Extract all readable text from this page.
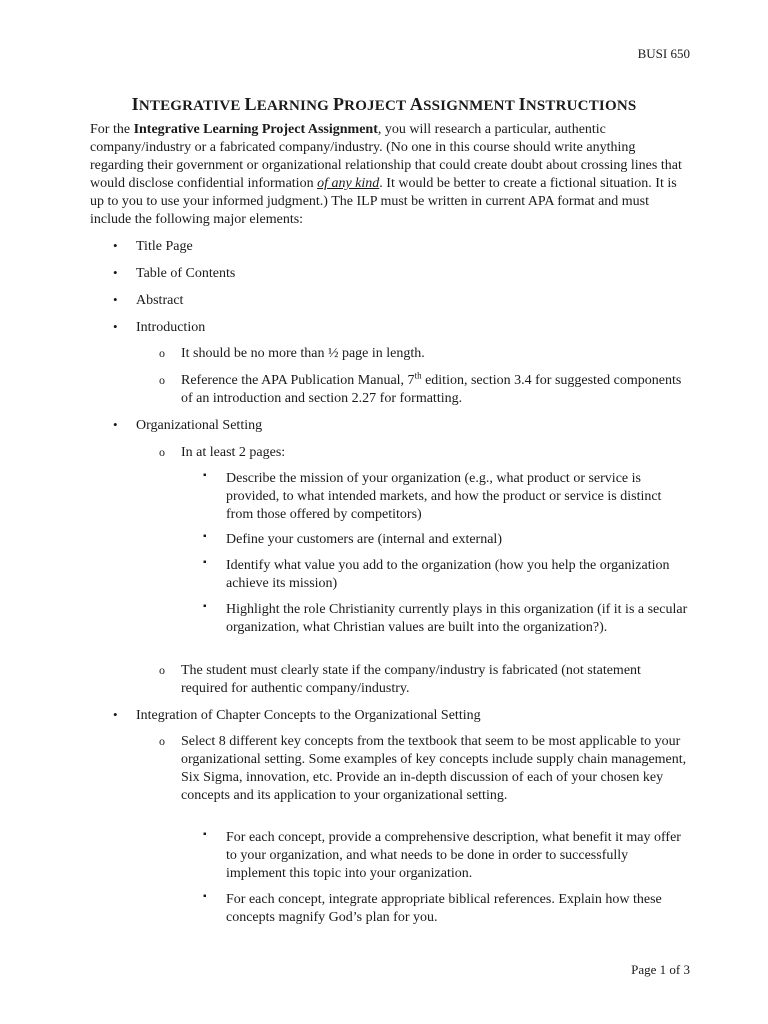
BUSI 650
INTEGRATIVE LEARNING PROJECT ASSIGNMENT INSTRUCTIONS
For the Integrative Learning Project Assignment, you will research a particular, authentic company/industry or a fabricated company/industry. (No one in this course should write anything regarding their government or organizational relationship that could create doubt about crossing lines that would disclose confidential information of any kind. It would be better to create a fictional situation. It is up to you to use your informed judgment.) The ILP must be written in current APA format and must include the following major elements:
Title Page
Table of Contents
Abstract
Introduction
It should be no more than ½ page in length.
Reference the APA Publication Manual, 7th edition, section 3.4 for suggested components of an introduction and section 2.27 for formatting.
Organizational Setting
In at least 2 pages:
Describe the mission of your organization (e.g., what product or service is provided, to what intended markets, and how the product or service is distinct from those offered by competitors)
Define your customers are (internal and external)
Identify what value you add to the organization (how you help the organization achieve its mission)
Highlight the role Christianity currently plays in this organization (if it is a secular organization, what Christian values are built into the organization?).
The student must clearly state if the company/industry is fabricated (not statement required for authentic company/industry.
Integration of Chapter Concepts to the Organizational Setting
Select 8 different key concepts from the textbook that seem to be most applicable to your organizational setting. Some examples of key concepts include supply chain management, Six Sigma, innovation, etc. Provide an in-depth discussion of each of your chosen key concepts and its application to your organizational setting.
For each concept, provide a comprehensive description, what benefit it may offer to your organization, and what needs to be done in order to successfully implement this topic into your organization.
For each concept, integrate appropriate biblical references. Explain how these concepts magnify God’s plan for you.
Page 1 of 3
